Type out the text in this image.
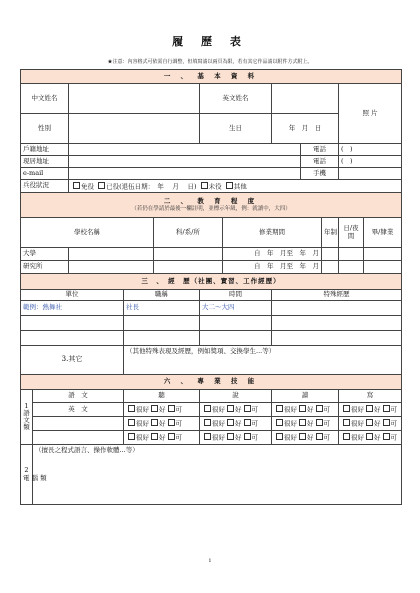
履 歷 表
★注意：內容格式可依需自行調整，但填寫請以兩頁為限，若有其它作品請以附件方式附上。
一 、 基 本 資 料											
中文姓名					英文姓名					照 片	
性別					生日		年　月　日				
戶籍地址								電話		(　)	
現居地址								電話		(　)	
e-mail								手機			
兵役狀況		免役 已役(退伍日期：　年　 月　 日) 未役 其他									

二 、 教 育 程 度
（若仍在學請於最後一欄註明，並標示年級，例：就讀中，大四）											

學校名稱				科/系/所		修業期間			年制	日/夜間	畢/肄業
大學						自　年　月至　年　月					
研究所						自　年　月至　年　月					
三　、　經　歷（社團、實習、工作經歷）											
單位			職稱		時間		特殊經歷				
範例：熱舞社			社長		大二～大四						

3.其它			（其他特殊表現及經歷，例如獎項、交換學生...等）								
六 、 專 業 技 能											
1
語 文 類	語　文		聽		說		讀			寫	
	英　文		很好 好 可		很好 好 可		很好 好 可			很好 好 可	
			很好 好 可		很好 好 可		很好 好 可			很好 好 可	
			很好 好 可		很好 好 可		很好 好 可			很好 好 可	
2
電 腦 類	（擅長之程式語言、操作軟體...等）										
1
